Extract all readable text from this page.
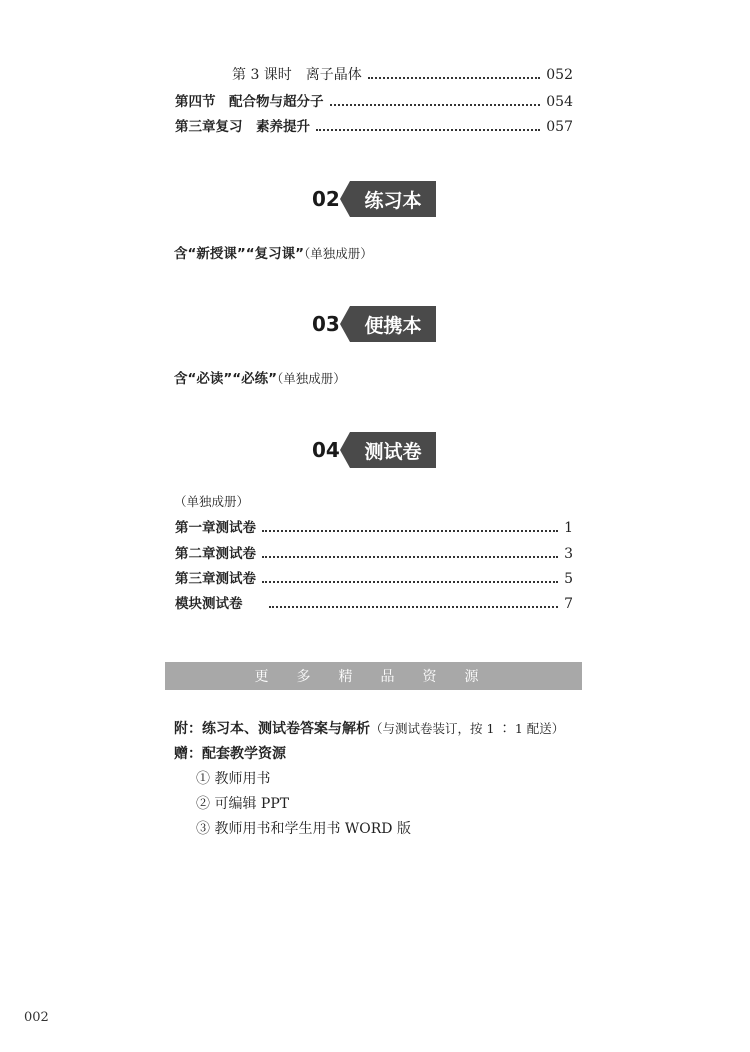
第 3 课时　离子晶体	052
第四节　配合物与超分子	054
第三章复习　素养提升	057
02	练习本
含“新授课”“复习课”（单独成册）
03	便携本
含“必读”“必练”（单独成册）
04	测试卷
（单独成册）
第一章测试卷	1
第二章测试卷	3
第三章测试卷	5
模块测试卷	7
更多精品资源
附：练习本、测试卷答案与解析（与测试卷装订，按 1 ∶ 1 配送）
赠：配套教学资源
① 教师用书
② 可编辑 PPT
③ 教师用书和学生用书 WORD 版
002
